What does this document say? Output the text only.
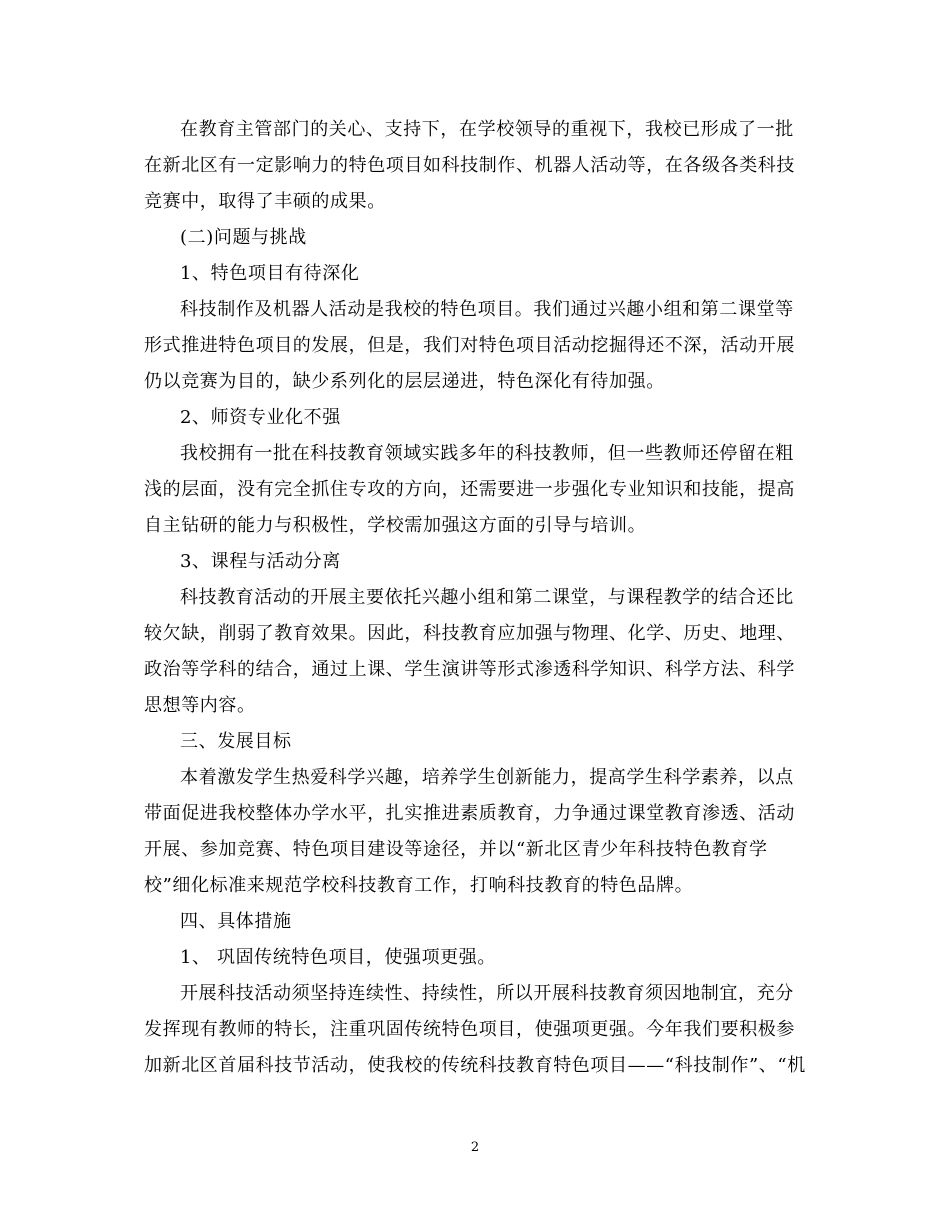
在教育主管部门的关心、支持下，在学校领导的重视下，我校已形成了一批
在新北区有一定影响力的特色项目如科技制作、机器人活动等，在各级各类科技
竞赛中，取得了丰硕的成果。
(二)问题与挑战
1、特色项目有待深化
科技制作及机器人活动是我校的特色项目。我们通过兴趣小组和第二课堂等
形式推进特色项目的发展，但是，我们对特色项目活动挖掘得还不深，活动开展
仍以竞赛为目的，缺少系列化的层层递进，特色深化有待加强。
2、师资专业化不强
我校拥有一批在科技教育领域实践多年的科技教师，但一些教师还停留在粗
浅的层面，没有完全抓住专攻的方向，还需要进一步强化专业知识和技能，提高
自主钻研的能力与积极性，学校需加强这方面的引导与培训。
3、课程与活动分离
科技教育活动的开展主要依托兴趣小组和第二课堂，与课程教学的结合还比
较欠缺，削弱了教育效果。因此，科技教育应加强与物理、化学、历史、地理、
政治等学科的结合，通过上课、学生演讲等形式渗透科学知识、科学方法、科学
思想等内容。
三、发展目标
本着激发学生热爱科学兴趣，培养学生创新能力，提高学生科学素养，以点
带面促进我校整体办学水平，扎实推进素质教育，力争通过课堂教育渗透、活动
开展、参加竞赛、特色项目建设等途径，并以“新北区青少年科技特色教育学
校”细化标准来规范学校科技教育工作，打响科技教育的特色品牌。
四、具体措施
1、 巩固传统特色项目，使强项更强。
开展科技活动须坚持连续性、持续性，所以开展科技教育须因地制宜，充分
发挥现有教师的特长，注重巩固传统特色项目，使强项更强。今年我们要积极参
加新北区首届科技节活动，使我校的传统科技教育特色项目——“科技制作”、“机
2
